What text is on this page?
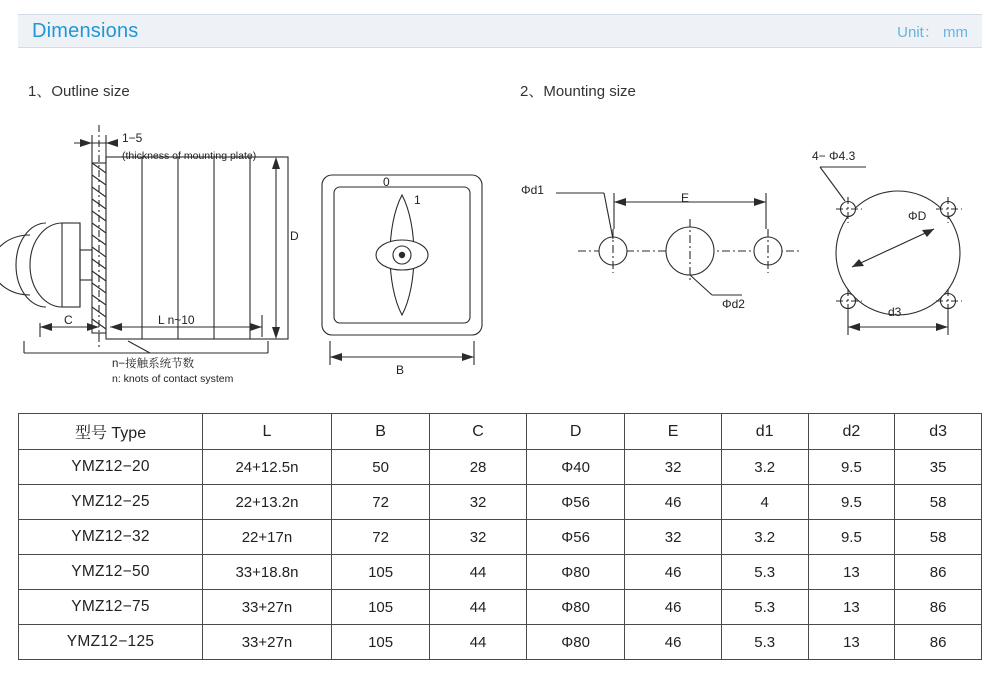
Dimensions	Unit： mm
1、Outline size	2、Mounting size
1−5
(thickness of mounting plate)
D
C	L n~10
n−接触系统节数
n: knots of contact system
0
1
B
Φd1
E
Φd2
4− Φ4.3
ΦD
d3
型号 Type	L	B	C	D	E	d1	d2	d3
YMZ12−20	24+12.5n	50	28	Φ40	32	3.2	9.5	35
YMZ12−25	22+13.2n	72	32	Φ56	46	4	9.5	58
YMZ12−32	22+17n	72	32	Φ56	32	3.2	9.5	58
YMZ12−50	33+18.8n	105	44	Φ80	46	5.3	13	86
YMZ12−75	33+27n	105	44	Φ80	46	5.3	13	86
YMZ12−125	33+27n	105	44	Φ80	46	5.3	13	86
